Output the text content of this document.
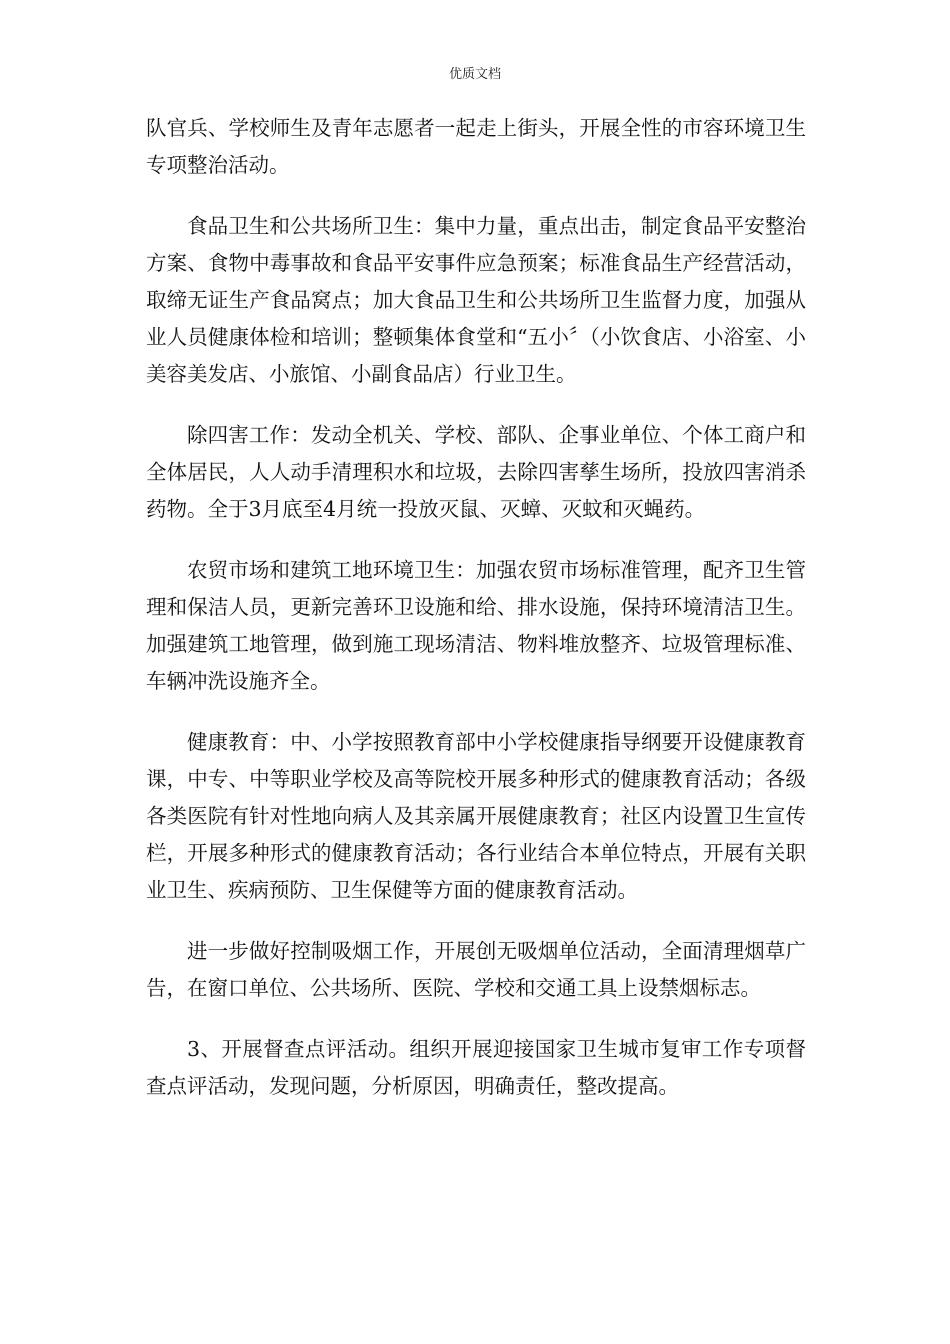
优质文档

队官兵、学校师生及青年志愿者一起走上街头，开展全性的市容环境卫生专项整治活动。

食品卫生和公共场所卫生：集中力量，重点出击，制定食品平安整治方案、食物中毒事故和食品平安事件应急预案；标准食品生产经营活动，取缔无证生产食品窝点；加大食品卫生和公共场所卫生监督力度，加强从业人员健康体检和培训；整顿集体食堂和“五小〞（小饮食店、小浴室、小美容美发店、小旅馆、小副食品店）行业卫生。

除四害工作：发动全机关、学校、部队、企事业单位、个体工商户和全体居民，人人动手清理积水和垃圾，去除四害孳生场所，投放四害消杀药物。全于3月底至4月统一投放灭鼠、灭蟑、灭蚊和灭蝇药。

农贸市场和建筑工地环境卫生：加强农贸市场标准管理，配齐卫生管理和保洁人员，更新完善环卫设施和给、排水设施，保持环境清洁卫生。加强建筑工地管理，做到施工现场清洁、物料堆放整齐、垃圾管理标准、车辆冲洗设施齐全。

健康教育：中、小学按照教育部中小学校健康指导纲要开设健康教育课，中专、中等职业学校及高等院校开展多种形式的健康教育活动；各级各类医院有针对性地向病人及其亲属开展健康教育；社区内设置卫生宣传栏，开展多种形式的健康教育活动；各行业结合本单位特点，开展有关职业卫生、疾病预防、卫生保健等方面的健康教育活动。

进一步做好控制吸烟工作，开展创无吸烟单位活动，全面清理烟草广告，在窗口单位、公共场所、医院、学校和交通工具上设禁烟标志。

3、开展督查点评活动。组织开展迎接国家卫生城市复审工作专项督查点评活动，发现问题，分析原因，明确责任，整改提高。
